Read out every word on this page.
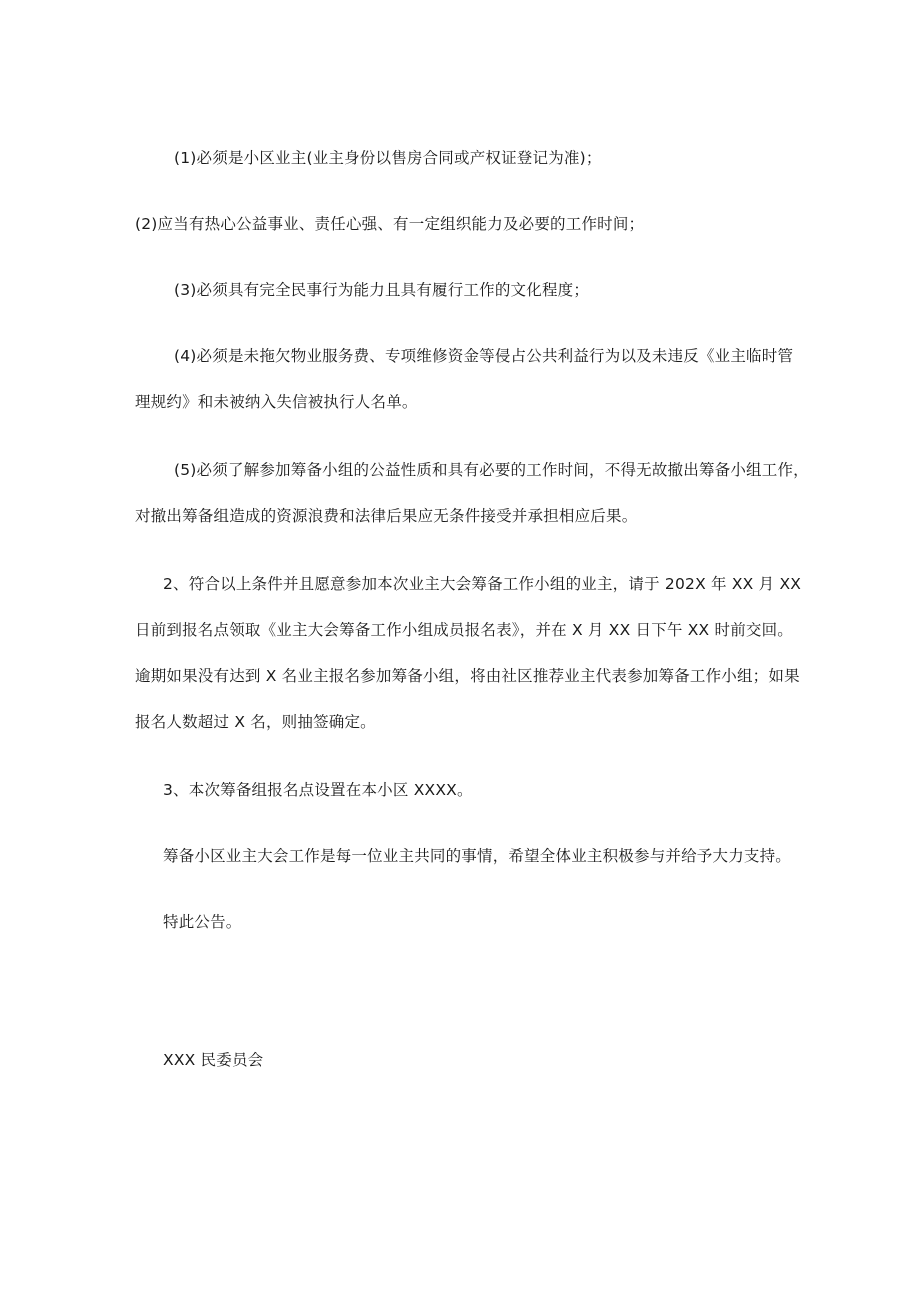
(1)必须是小区业主(业主身份以售房合同或产权证登记为准)；
(2)应当有热心公益事业、责任心强、有一定组织能力及必要的工作时间；
(3)必须具有完全民事行为能力且具有履行工作的文化程度；
(4)必须是未拖欠物业服务费、专项维修资金等侵占公共利益行为以及未违反《业主临时管
理规约》和未被纳入失信被执行人名单。
(5)必须了解参加筹备小组的公益性质和具有必要的工作时间，不得无故撤出筹备小组工作，
对撤出筹备组造成的资源浪费和法律后果应无条件接受并承担相应后果。
2、符合以上条件并且愿意参加本次业主大会筹备工作小组的业主，请于 202X 年 XX 月 XX
日前到报名点领取《业主大会筹备工作小组成员报名表》，并在 X 月 XX 日下午 XX 时前交回。
逾期如果没有达到 X 名业主报名参加筹备小组，将由社区推荐业主代表参加筹备工作小组；如果
报名人数超过 X 名，则抽签确定。
3、本次筹备组报名点设置在本小区 XXXX。
筹备小区业主大会工作是每一位业主共同的事情，希望全体业主积极参与并给予大力支持。
特此公告。
XXX 民委员会
